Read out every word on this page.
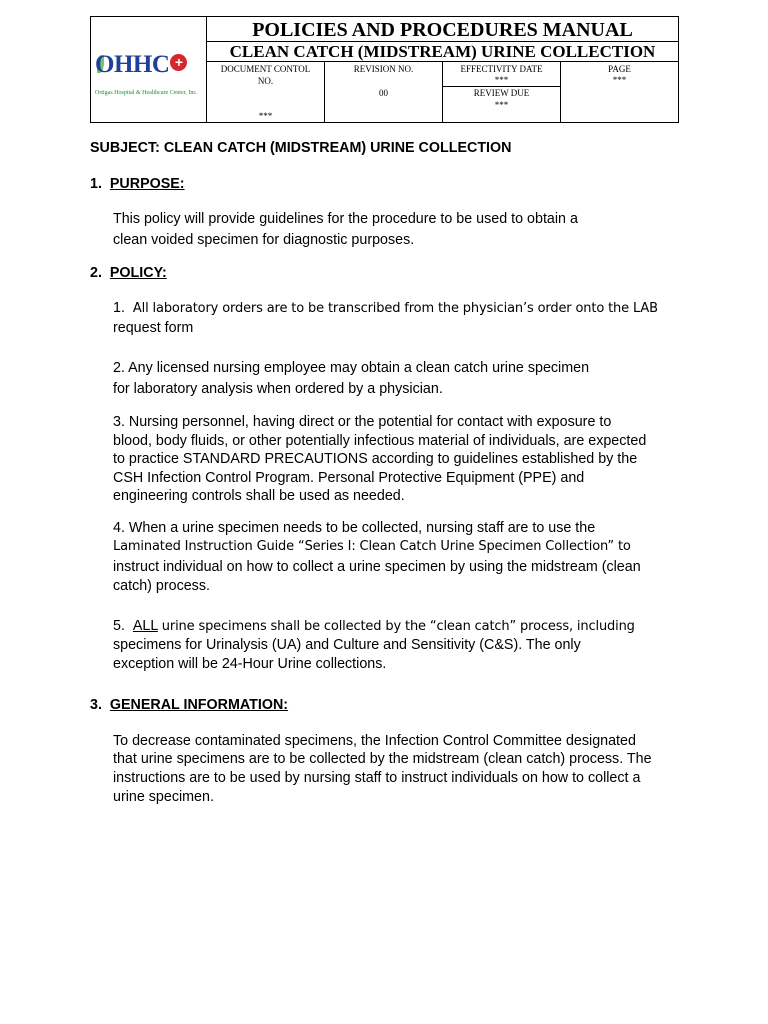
OHHC +
Ortigas Hospital & Healthcare Center, Inc.
POLICIES AND PROCEDURES MANUAL
CLEAN CATCH (MIDSTREAM) URINE COLLECTION
DOCUMENT CONTOL
NO.
***
REVISION NO.
00
EFFECTIVITY DATE
***
REVIEW DUE
***
PAGE
***
SUBJECT: CLEAN CATCH (MIDSTREAM) URINE COLLECTION
1. PURPOSE:
This policy will provide guidelines for the procedure to be used to obtain a
clean voided specimen for diagnostic purposes.
2. POLICY:
1. All laboratory orders are to be transcribed from the physician’s order onto the LAB
request form
2. Any licensed nursing employee may obtain a clean catch urine specimen
for laboratory analysis when ordered by a physician.
3. Nursing personnel, having direct or the potential for contact with exposure to
blood, body fluids, or other potentially infectious material of individuals, are expected
to practice STANDARD PRECAUTIONS according to guidelines established by the
CSH Infection Control Program. Personal Protective Equipment (PPE) and
engineering controls shall be used as needed.
4. When a urine specimen needs to be collected, nursing staff are to use the
Laminated Instruction Guide “Series I: Clean Catch Urine Specimen Collection” to
instruct individual on how to collect a urine specimen by using the midstream (clean
catch) process.
5. ALL urine specimens shall be collected by the “clean catch” process, including
specimens for Urinalysis (UA) and Culture and Sensitivity (C&S). The only
exception will be 24-Hour Urine collections.
3. GENERAL INFORMATION:
To decrease contaminated specimens, the Infection Control Committee designated
that urine specimens are to be collected by the midstream (clean catch) process. The
instructions are to be used by nursing staff to instruct individuals on how to collect a
urine specimen.
